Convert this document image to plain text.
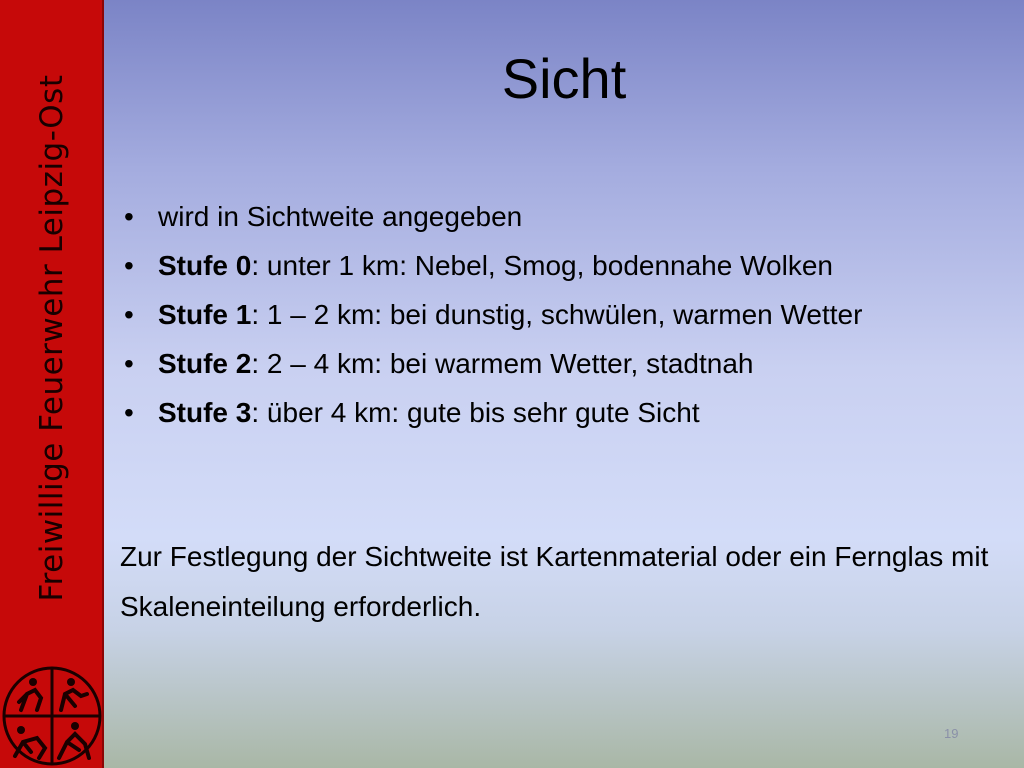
Freiwillige Feuerwehr Leipzig-Ost	Sicht
• wird in Sichtweite angegeben
• Stufe 0: unter 1 km: Nebel, Smog, bodennahe Wolken
• Stufe 1: 1 – 2 km: bei dunstig, schwülen, warmen Wetter
• Stufe 2: 2 – 4 km: bei warmem Wetter, stadtnah
• Stufe 3: über 4 km: gute bis sehr gute Sicht

Zur Festlegung der Sichtweite ist Kartenmaterial oder ein Fernglas mit Skaleneinteilung erforderlich.

19
